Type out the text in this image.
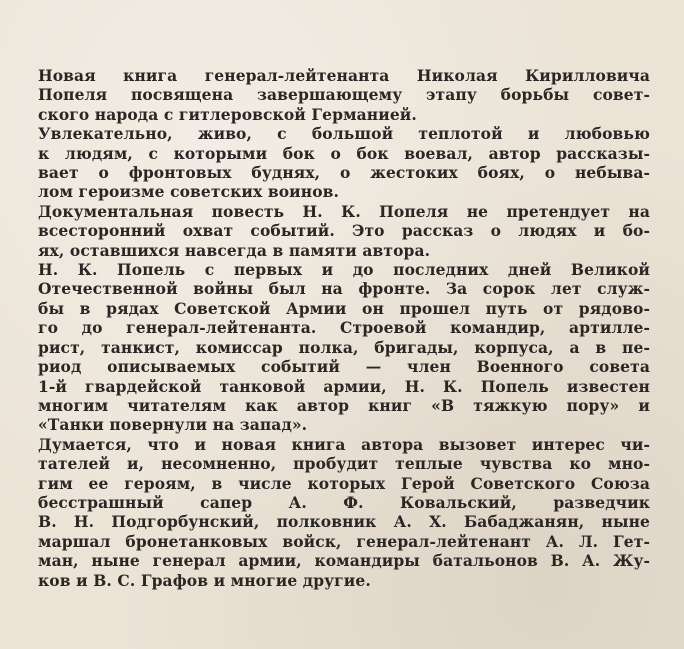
Новая книга генерал-лейтенанта Николая Кирилловича
Попеля посвящена завершающему этапу борьбы совет-
ского народа с гитлеровской Германией.
Увлекательно, живо, с большой теплотой и любовью
к людям, с которыми бок о бок воевал, автор рассказы-
вает о фронтовых буднях, о жестоких боях, о небыва-
лом героизме советских воинов.
Документальная повесть Н. К. Попеля не претендует на
всесторонний охват событий. Это рассказ о людях и бо-
ях, оставшихся навсегда в памяти автора.
Н. К. Попель с первых и до последних дней Великой
Отечественной войны был на фронте. За сорок лет служ-
бы в рядах Советской Армии он прошел путь от рядово-
го до генерал-лейтенанта. Строевой командир, артилле-
рист, танкист, комиссар полка, бригады, корпуса, а в пе-
риод описываемых событий — член Военного совета
1-й гвардейской танковой армии, Н. К. Попель известен
многим читателям как автор книг «В тяжкую пору» и
«Танки повернули на запад».
Думается, что и новая книга автора вызовет интерес чи-
тателей и, несомненно, пробудит теплые чувства ко мно-
гим ее героям, в числе которых Герой Советского Союза
бесстрашный сапер А. Ф. Ковальский, разведчик
В. Н. Подгорбунский, полковник А. Х. Бабаджанян, ныне
маршал бронетанковых войск, генерал-лейтенант А. Л. Гет-
ман, ныне генерал армии, командиры батальонов В. А. Жу-
ков и В. С. Графов и многие другие.
